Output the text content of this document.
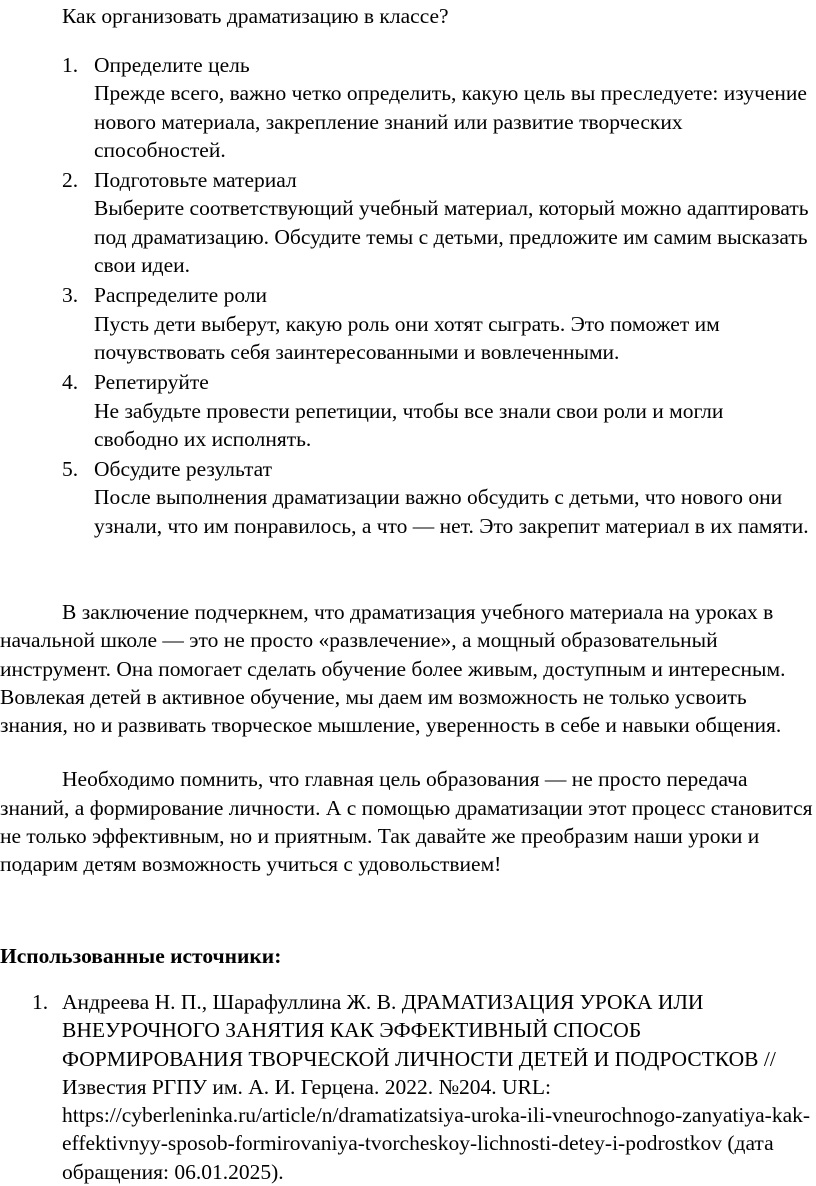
Как организовать драматизацию в классе?
1. Определите цель
Прежде всего, важно четко определить, какую цель вы преследуете: изучение нового материала, закрепление знаний или развитие творческих способностей.
2. Подготовьте материал
Выберите соответствующий учебный материал, который можно адаптировать под драматизацию. Обсудите темы с детьми, предложите им самим высказать свои идеи.
3. Распределите роли
Пусть дети выберут, какую роль они хотят сыграть. Это поможет им почувствовать себя заинтересованными и вовлеченными.
4. Репетируйте
Не забудьте провести репетиции, чтобы все знали свои роли и могли свободно их исполнять.
5. Обсудите результат
После выполнения драматизации важно обсудить с детьми, что нового они узнали, что им понравилось, а что — нет. Это закрепит материал в их памяти.

В заключение подчеркнем, что драматизация учебного материала на уроках в начальной школе — это не просто «развлечение», а мощный образовательный инструмент. Она помогает сделать обучение более живым, доступным и интересным. Вовлекая детей в активное обучение, мы даем им возможность не только усвоить знания, но и развивать творческое мышление, уверенность в себе и навыки общения.

Необходимо помнить, что главная цель образования — не просто передача знаний, а формирование личности. А с помощью драматизации этот процесс становится не только эффективным, но и приятным. Так давайте же преобразим наши уроки и подарим детям возможность учиться с удовольствием!

Использованные источники:
1. Андреева Н. П., Шарафуллина Ж. В. ДРАМАТИЗАЦИЯ УРОКА ИЛИ ВНЕУРОЧНОГО ЗАНЯТИЯ КАК ЭФФЕКТИВНЫЙ СПОСОБ ФОРМИРОВАНИЯ ТВОРЧЕСКОЙ ЛИЧНОСТИ ДЕТЕЙ И ПОДРОСТКОВ // Известия РГПУ им. А. И. Герцена. 2022. №204. URL: https://cyberleninka.ru/article/n/dramatizatsiya-uroka-ili-vneurochnogo-zanyatiya-kak-effektivnyy-sposob-formirovaniya-tvorcheskoy-lichnosti-detey-i-podrostkov (дата обращения: 06.01.2025).
